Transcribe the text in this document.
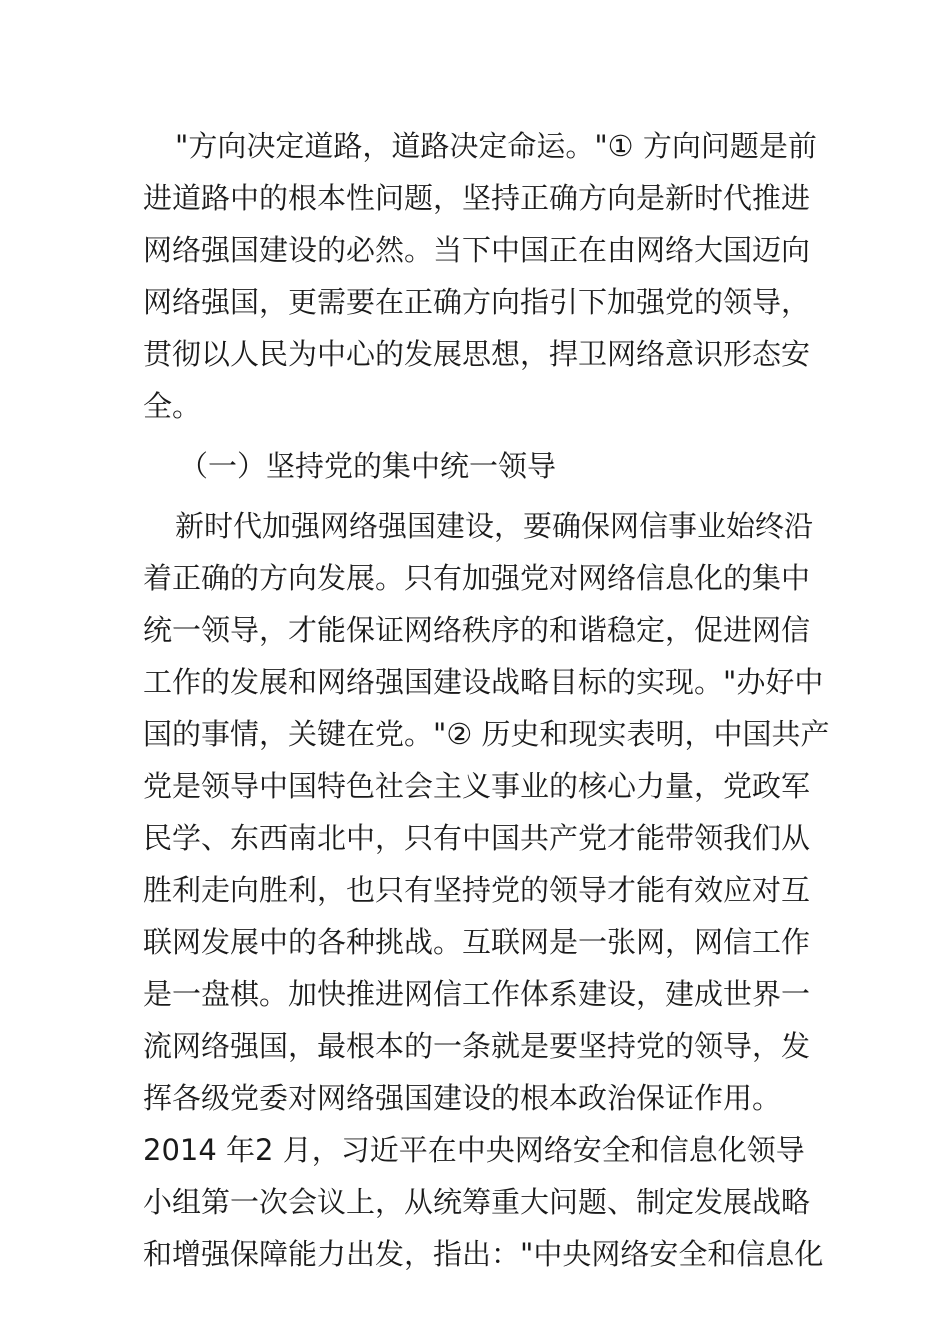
"方向决定道路，道路决定命运。"① 方向问题是前
进道路中的根本性问题，坚持正确方向是新时代推进
网络强国建设的必然。当下中国正在由网络大国迈向
网络强国，更需要在正确方向指引下加强党的领导，
贯彻以人民为中心的发展思想，捍卫网络意识形态安
全。
（一）坚持党的集中统一领导
新时代加强网络强国建设，要确保网信事业始终沿
着正确的方向发展。只有加强党对网络信息化的集中
统一领导，才能保证网络秩序的和谐稳定，促进网信
工作的发展和网络强国建设战略目标的实现。"办好中
国的事情，关键在党。"② 历史和现实表明，中国共产
党是领导中国特色社会主义事业的核心力量，党政军
民学、东西南北中，只有中国共产党才能带领我们从
胜利走向胜利，也只有坚持党的领导才能有效应对互
联网发展中的各种挑战。互联网是一张网，网信工作
是一盘棋。加快推进网信工作体系建设，建成世界一
流网络强国，最根本的一条就是要坚持党的领导，发
挥各级党委对网络强国建设的根本政治保证作用。
2014 年2 月，习近平在中央网络安全和信息化领导
小组第一次会议上，从统筹重大问题、制定发展战略
和增强保障能力出发，指出："中央网络安全和信息化
